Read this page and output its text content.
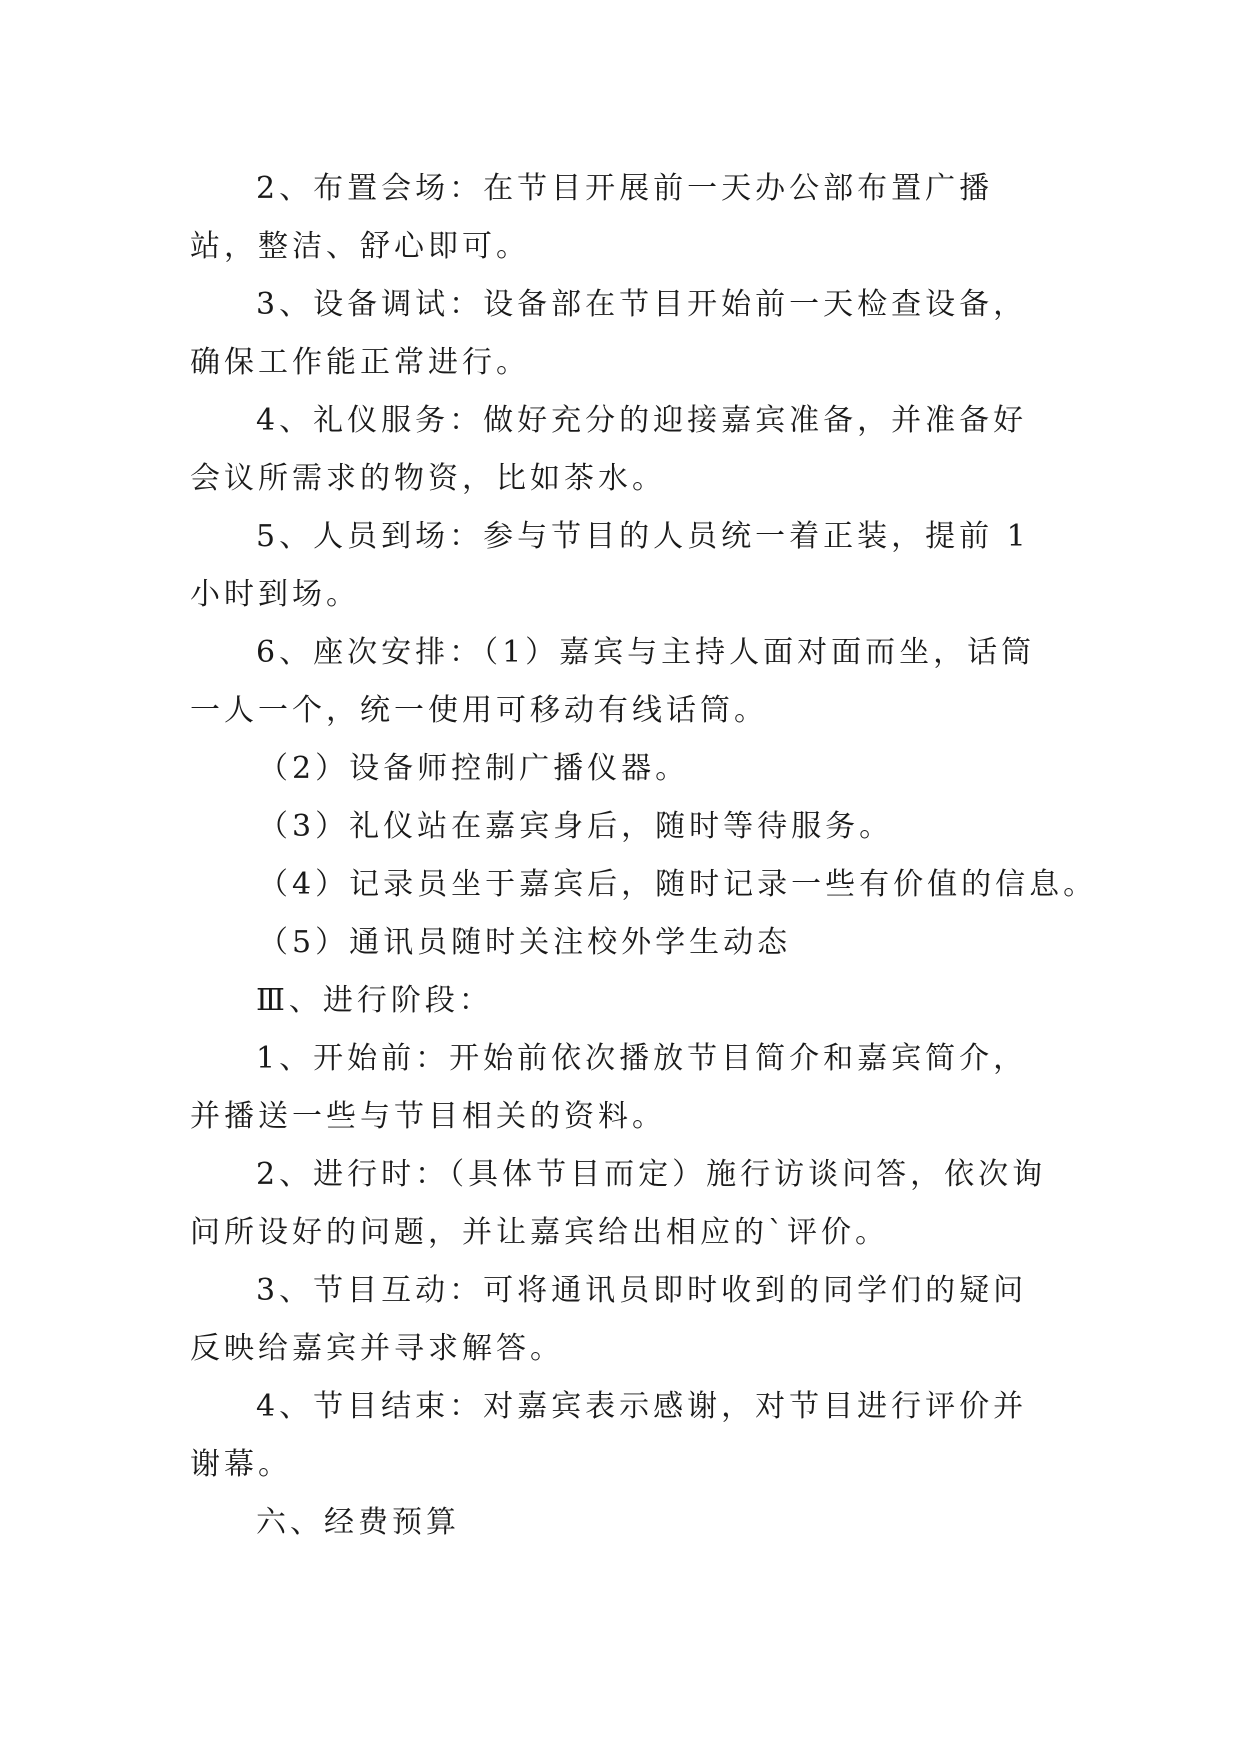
2、布置会场：在节目开展前一天办公部布置广播站，整洁、舒心即可。

3、设备调试：设备部在节目开始前一天检查设备，确保工作能正常进行。

4、礼仪服务：做好充分的迎接嘉宾准备，并准备好会议所需求的物资，比如茶水。

5、人员到场：参与节目的人员统一着正装，提前 1 小时到场。

6、座次安排：（1）嘉宾与主持人面对面而坐，话筒一人一个，统一使用可移动有线话筒。

（2）设备师控制广播仪器。

（3）礼仪站在嘉宾身后，随时等待服务。

（4）记录员坐于嘉宾后，随时记录一些有价值的信息。

（5）通讯员随时关注校外学生动态

Ⅲ、进行阶段：

1、开始前：开始前依次播放节目简介和嘉宾简介，并播送一些与节目相关的资料。

2、进行时：（具体节目而定）施行访谈问答，依次询问所设好的问题，并让嘉宾给出相应的`评价。

3、节目互动：可将通讯员即时收到的同学们的疑问反映给嘉宾并寻求解答。

4、节目结束：对嘉宾表示感谢，对节目进行评价并谢幕。

六、经费预算
